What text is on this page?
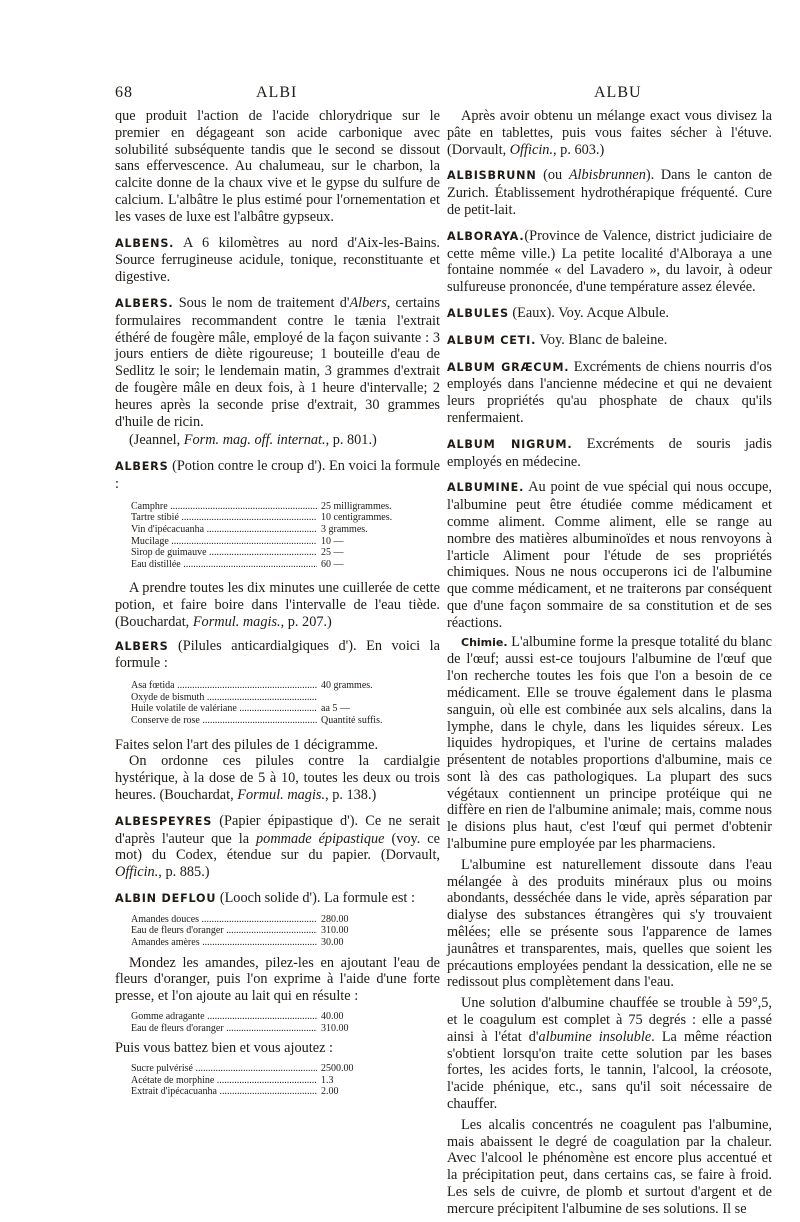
68	ALBI	ALBU

que produit l'action de l'acide chlorydrique sur le premier en dégageant son acide carbonique avec solubilité subséquente tandis que le second se dissout sans effervescence. Au chalumeau, sur le charbon, la calcite donne de la chaux vive et le gypse du sulfure de calcium. L'albâtre le plus estimé pour l'ornementation et les vases de luxe est l'albâtre gypseux.

ALBENS. A 6 kilomètres au nord d'Aix-les-Bains. Source ferrugineuse acidule, tonique, reconstituante et digestive.

ALBERS. Sous le nom de traitement d'Albers, certains formulaires recommandent contre le tænia l'extrait éthéré de fougère mâle, employé de la façon suivante : 3 jours entiers de diète rigoureuse; 1 bouteille d'eau de Sedlitz le soir; le lendemain matin, 3 grammes d'extrait de fougère mâle en deux fois, à 1 heure d'intervalle; 2 heures après la seconde prise d'extrait, 30 grammes d'huile de ricin.

(Jeannel, Form. mag. off. internat., p. 801.)

ALBERS (Potion contre le croup d'). En voici la formule :

Camphre .....	25 milligrammes.
Tartre stibié .....	10 centigrammes.
Vin d'ipécacuanha .....	3 grammes.
Mucilage .....	10 —
Sirop de guimauve .....	25 —
Eau distillée .....	60 —

A prendre toutes les dix minutes une cuillerée de cette potion, et faire boire dans l'intervalle de l'eau tiède. (Bouchardat, Formul. magis., p. 207.)

ALBERS (Pilules anticardialgiques d'). En voici la formule :

Asa fœtida .....	40 grammes.
Oxyde de bismuth .....
Huile volatile de valériane .....	aa 5 —
Conserve de rose .....	Quantité suffis.

Faites selon l'art des pilules de 1 décigramme.

On ordonne ces pilules contre la cardialgie hystérique, à la dose de 5 à 10, toutes les deux ou trois heures. (Bouchardat, Formul. magis., p. 138.)

ALBESPEYRES (Papier épipastique d'). Ce ne serait d'après l'auteur que la pommade épipastique (voy. ce mot) du Codex, étendue sur du papier. (Dorvault, Officin., p. 885.)

ALBIN DEFLOU (Looch solide d'). La formule est :

Amandes douces .....	280.00
Eau de fleurs d'oranger .....	310.00
Amandes amères .....	30.00

Mondez les amandes, pilez-les en ajoutant l'eau de fleurs d'oranger, puis l'on exprime à l'aide d'une forte presse, et l'on ajoute au lait qui en résulte :

Gomme adragante .....	40.00
Eau de fleurs d'oranger .....	310.00

Puis vous battez bien et vous ajoutez :

Sucre pulvérisé .....	2500.00
Acétate de morphine .....	1.3
Extrait d'ipécacuanha .....	2.00

Après avoir obtenu un mélange exact vous divisez la pâte en tablettes, puis vous faites sécher à l'étuve. (Dorvault, Officin., p. 603.)

ALBISBRUNN (ou Albisbrunnen). Dans le canton de Zurich. Établissement hydrothérapique fréquenté. Cure de petit-lait.

ALBORAYA.(Province de Valence, district judiciaire de cette même ville.) La petite localité d'Alboraya a une fontaine nommée « del Lavadero », du lavoir, à odeur sulfureuse prononcée, d'une température assez élevée.

ALBULES (Eaux). Voy. Acque Albule.

ALBUM CETI. Voy. Blanc de baleine.

ALBUM GRÆCUM. Excréments de chiens nourris d'os employés dans l'ancienne médecine et qui ne devaient leurs propriétés qu'au phosphate de chaux qu'ils renfermaient.

ALBUM NIGRUM. Excréments de souris jadis employés en médecine.

ALBUMINE. Au point de vue spécial qui nous occupe, l'albumine peut être étudiée comme médicament et comme aliment. Comme aliment, elle se range au nombre des matières albuminoïdes et nous renvoyons à l'article Aliment pour l'étude de ses propriétés chimiques. Nous ne nous occuperons ici de l'albumine que comme médicament, et ne traiterons par conséquent que d'une façon sommaire de sa constitution et de ses réactions.

Chimie. L'albumine forme la presque totalité du blanc de l'œuf; aussi est-ce toujours l'albumine de l'œuf que l'on recherche toutes les fois que l'on a besoin de ce médicament. Elle se trouve également dans le plasma sanguin, où elle est combinée aux sels alcalins, dans la lymphe, dans le chyle, dans les liquides séreux. Les liquides hydropiques, et l'urine de certains malades présentent de notables proportions d'albumine, mais ce sont là des cas pathologiques. La plupart des sucs végétaux contiennent un principe protéique qui ne diffère en rien de l'albumine animale; mais, comme nous le disions plus haut, c'est l'œuf qui permet d'obtenir l'albumine pure employée par les pharmaciens.

L'albumine est naturellement dissoute dans l'eau mélangée à des produits minéraux plus ou moins abondants, desséchée dans le vide, après séparation par dialyse des substances étrangères qui s'y trouvaient mêlées; elle se présente sous l'apparence de lames jaunâtres et transparentes, mais, quelles que soient les précautions employées pendant la dessication, elle ne se redissout plus complètement dans l'eau.

Une solution d'albumine chauffée se trouble à 59°,5, et le coagulum est complet à 75 degrés : elle a passé ainsi à l'état d'albumine insoluble. La même réaction s'obtient lorsqu'on traite cette solution par les bases fortes, les acides forts, le tannin, l'alcool, la créosote, l'acide phénique, etc., sans qu'il soit nécessaire de chauffer.

Les alcalis concentrés ne coagulent pas l'albumine, mais abaissent le degré de coagulation par la chaleur. Avec l'alcool le phénomène est encore plus accentué et la précipitation peut, dans certains cas, se faire à froid. Les sels de cuivre, de plomb et surtout d'argent et de mercure précipitent l'albumine de ses solutions. Il se
